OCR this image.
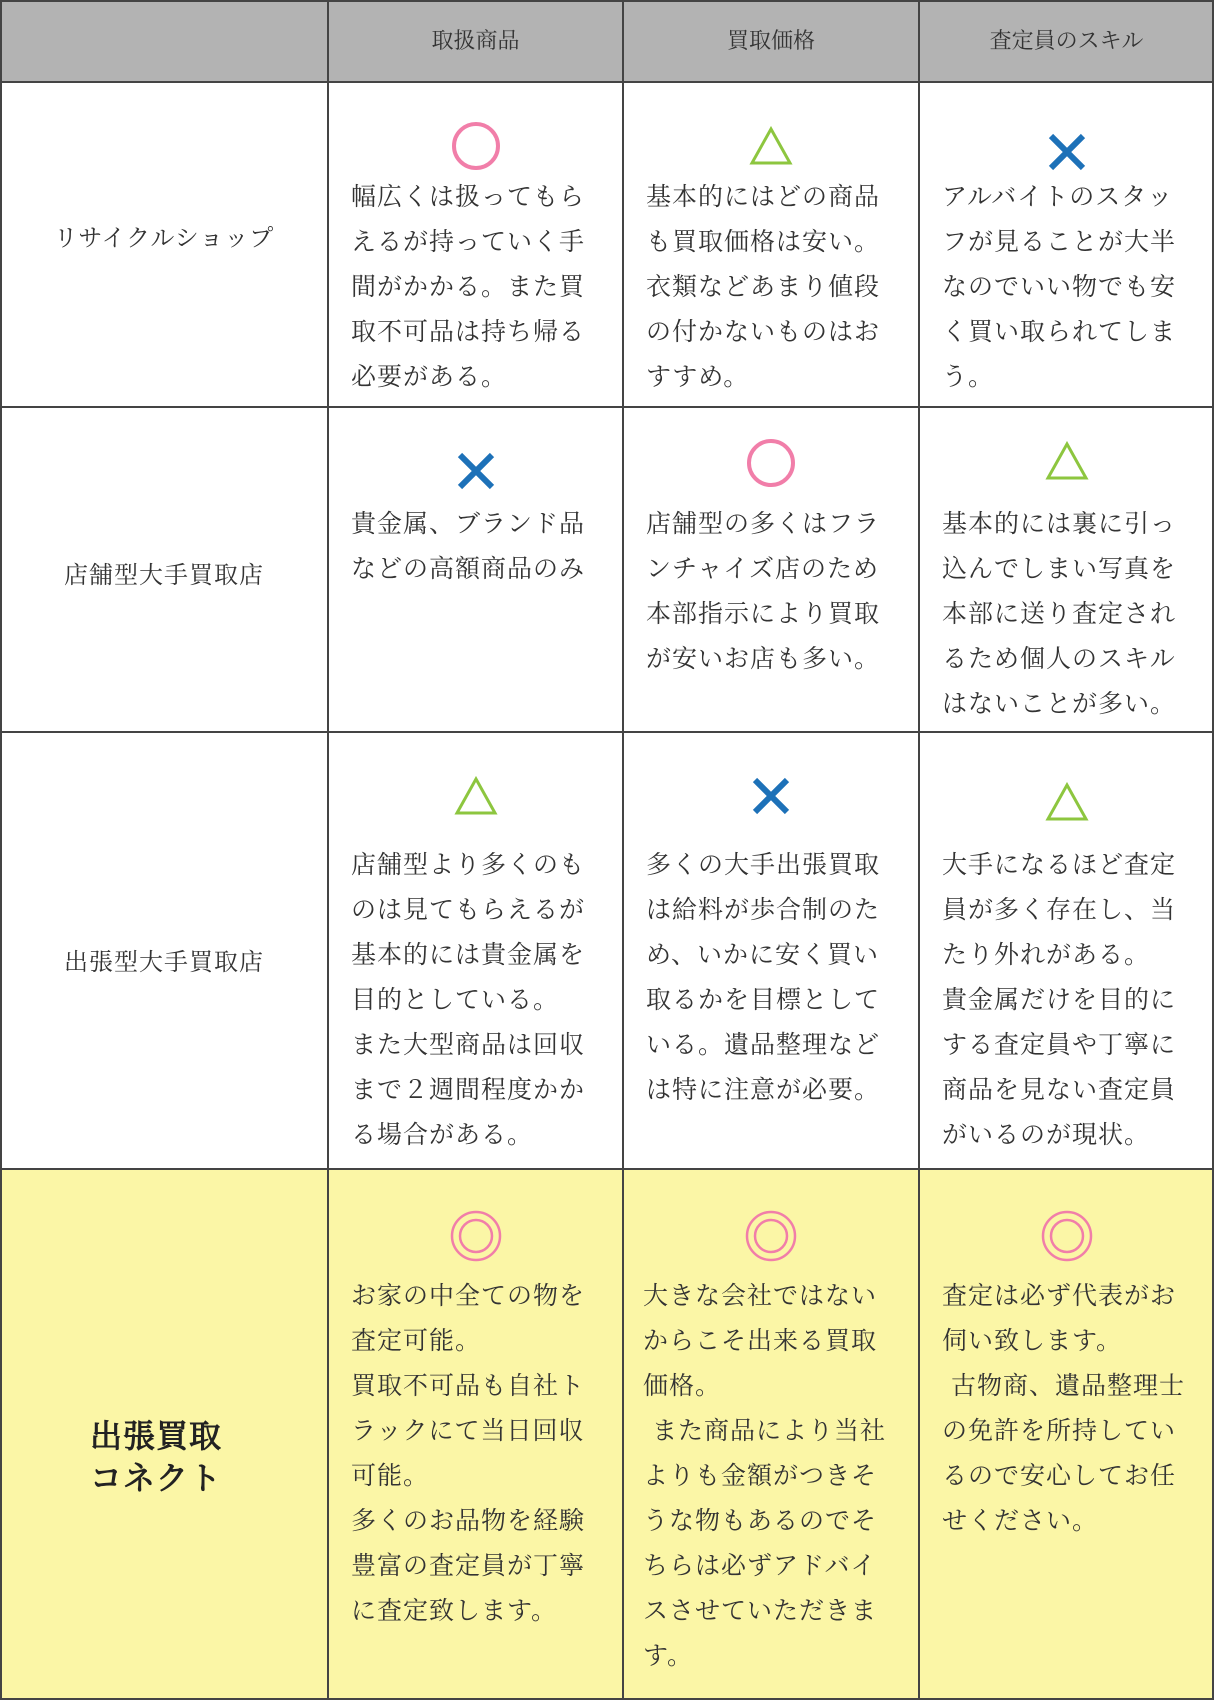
取扱商品	買取価格	査定員のスキル
リサイクルショップ
幅広くは扱ってもら
えるが持っていく手
間がかかる。また買
取不可品は持ち帰る
必要がある。
基本的にはどの商品
も買取価格は安い。
衣類などあまり値段
の付かないものはお
すすめ。
アルバイトのスタッ
フが見ることが大半
なのでいい物でも安
く買い取られてしま
う。
店舗型大手買取店
貴金属、ブランド品
などの高額商品のみ
店舗型の多くはフラ
ンチャイズ店のため
本部指示により買取
が安いお店も多い。
基本的には裏に引っ
込んでしまい写真を
本部に送り査定され
るため個人のスキル
はないことが多い。
出張型大手買取店
店舗型より多くのも
のは見てもらえるが
基本的には貴金属を
目的としている。
また大型商品は回収
まで２週間程度かか
る場合がある。
多くの大手出張買取
は給料が歩合制のた
め、いかに安く買い
取るかを目標として
いる。遺品整理など
は特に注意が必要。
大手になるほど査定
員が多く存在し、当
たり外れがある。
貴金属だけを目的に
する査定員や丁寧に
商品を見ない査定員
がいるのが現状。
出張買取
コネクト
お家の中全ての物を
査定可能。
買取不可品も自社ト
ラックにて当日回収
可能。
多くのお品物を経験
豊富の査定員が丁寧
に査定致します。
大きな会社ではない
からこそ出来る買取
価格。
また商品により当社
よりも金額がつきそ
うな物もあるのでそ
ちらは必ずアドバイ
スさせていただきま
す。
査定は必ず代表がお
伺い致します。
古物商、遺品整理士
の免許を所持してい
るので安心してお任
せください。
